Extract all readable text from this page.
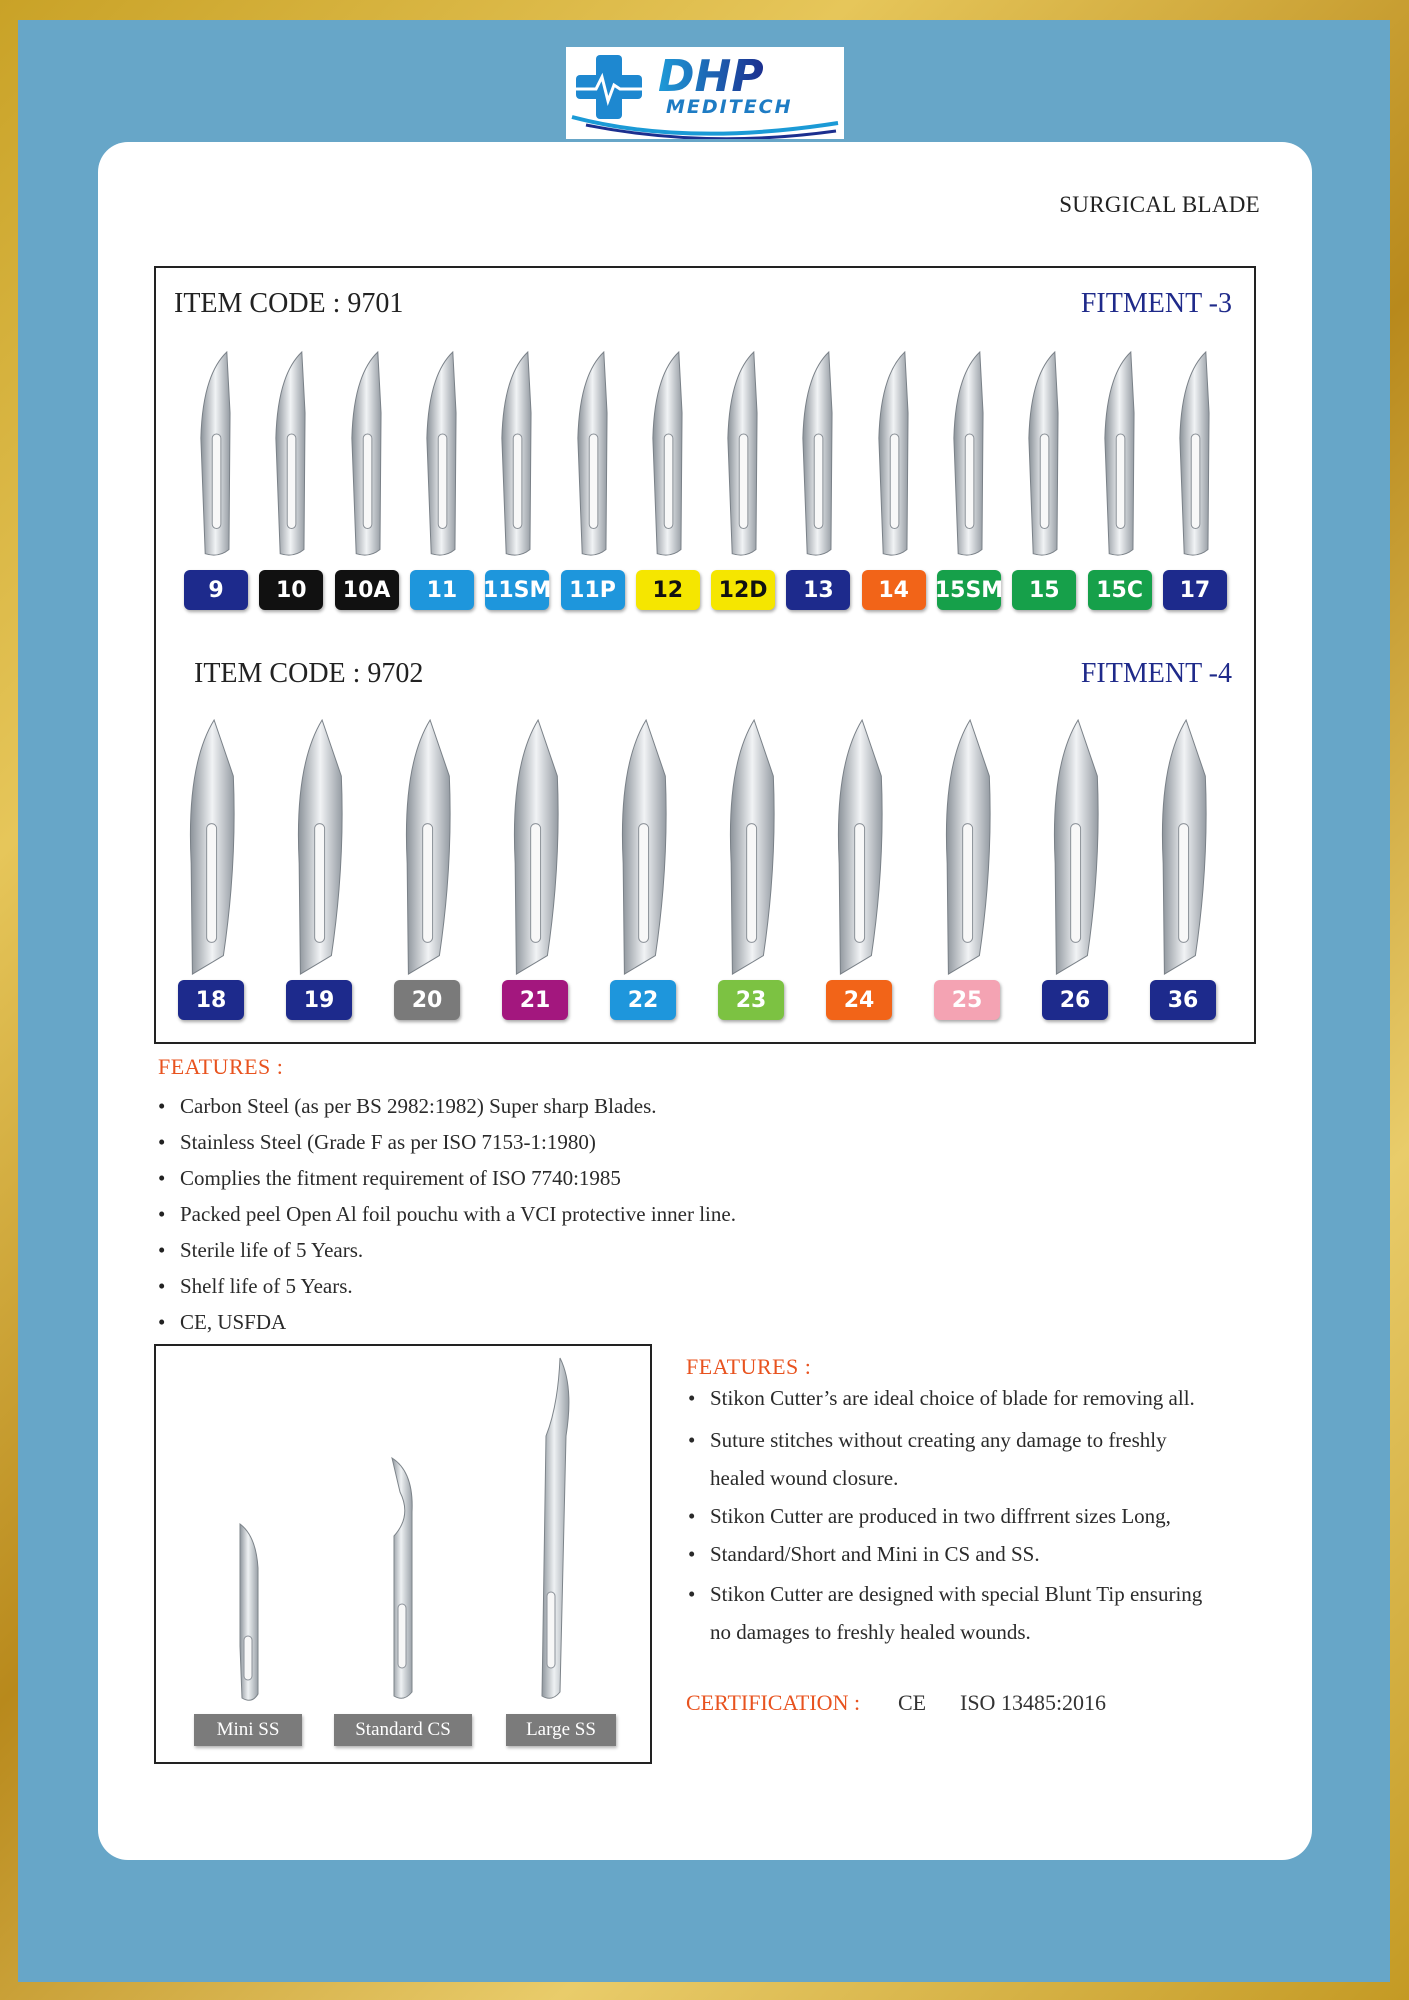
DHP
MEDITECH
SURGICAL BLADE
ITEM CODE : 9701	FITMENT -3
9	10	10A	11	11SM 11P	12	12D	13	14	15SM	15	15C	17
ITEM CODE : 9702	FITMENT -4
18	19	20	21	22	23	24	25	26	36
FEATURES :
• Carbon Steel (as per BS 2982:1982) Super sharp Blades.
• Stainless Steel (Grade F as per ISO 7153-1:1980)
• Complies the fitment requirement of ISO 7740:1985
• Packed peel Open Al foil pouchu with a VCI protective inner line.
• Sterile life of 5 Years.
• Shelf life of 5 Years.
• CE, USFDA
Mini SS	Standard CS	Large SS
FEATURES :
• Stikon Cutter’s are ideal choice of blade for removing all.
• Suture stitches without creating any damage to freshly
healed wound closure.
• Stikon Cutter are produced in two diffrrent sizes Long,
• Standard/Short and Mini in CS and SS.
• Stikon Cutter are designed with special Blunt Tip ensuring
no damages to freshly healed wounds.
CERTIFICATION : CE ISO 13485:2016
